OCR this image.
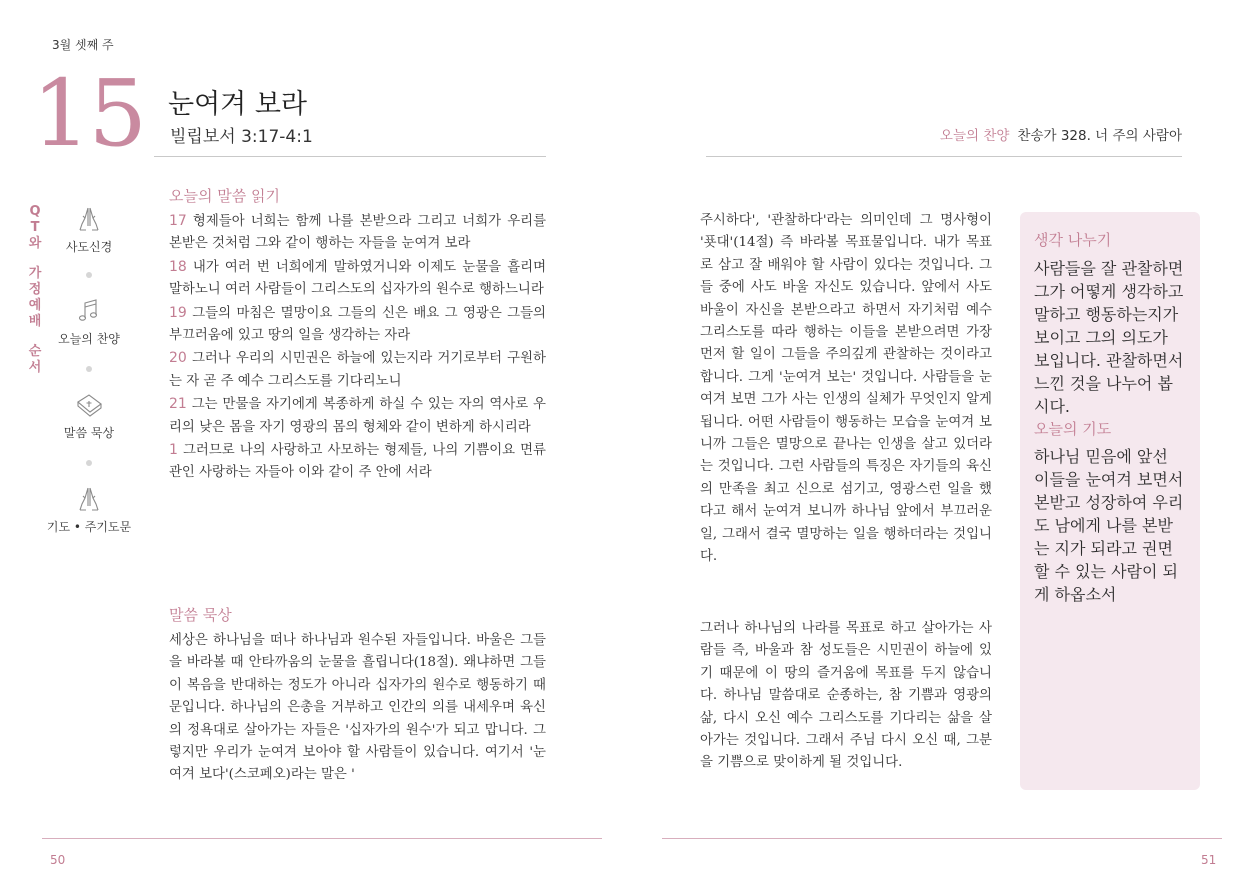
3월 셋째 주
15 눈여겨 보라
빌립보서 3:17-4:1	오늘의 찬양 찬송가 328. 너 주의 사람아
Q
T
와
가
정
예
배
순
서
사도신경
오늘의 찬양
말씀 묵상
기도 • 주기도문
오늘의 말씀 읽기

17 형제들아 너희는 함께 나를 본받으라 그리고 너희가 우리를 본받은 것처럼 그와 같이 행하는 자들을 눈여겨 보라

18 내가 여러 번 너희에게 말하였거니와 이제도 눈물을 흘리며 말하노니 여러 사람들이 그리스도의 십자가의 원수로 행하느니라

19 그들의 마침은 멸망이요 그들의 신은 배요 그 영광은 그들의 부끄러움에 있고 땅의 일을 생각하는 자라

20 그러나 우리의 시민권은 하늘에 있는지라 거기로부터 구원하는 자 곧 주 예수 그리스도를 기다리노니

21 그는 만물을 자기에게 복종하게 하실 수 있는 자의 역사로 우리의 낮은 몸을 자기 영광의 몸의 형체와 같이 변하게 하시리라

1 그러므로 나의 사랑하고 사모하는 형제들, 나의 기쁨이요 면류관인 사랑하는 자들아 이와 같이 주 안에 서라

말씀 묵상
세상은 하나님을 떠나 하나님과 원수된 자들입니다. 바울은 그들을 바라볼 때 안타까움의 눈물을 흘립니다(18절). 왜냐하면 그들이 복음을 반대하는 정도가 아니라 십자가의 원수로 행동하기 때문입니다. 하나님의 은총을 거부하고 인간의 의를 내세우며 육신의 정욕대로 살아가는 자들은 '십자가의 원수'가 되고 맙니다. 그렇지만 우리가 눈여겨 보아야 할 사람들이 있습니다. 여기서 '눈여겨 보다'(스코페오)라는 말은 '
주시하다', '관찰하다'라는 의미인데 그 명사형이 '푯대'(14절) 즉 바라볼 목표물입니다. 내가 목표로 삼고 잘 배워야 할 사람이 있다는 것입니다. 그들 중에 사도 바울 자신도 있습니다. 앞에서 사도 바울이 자신을 본받으라고 하면서 자기처럼 예수 그리스도를 따라 행하는 이들을 본받으려면 가장 먼저 할 일이 그들을 주의깊게 관찰하는 것이라고 합니다. 그게 '눈여겨 보는' 것입니다. 사람들을 눈여겨 보면 그가 사는 인생의 실체가 무엇인지 알게 됩니다. 어떤 사람들이 행동하는 모습을 눈여겨 보니까 그들은 멸망으로 끝나는 인생을 살고 있더라는 것입니다. 그런 사람들의 특징은 자기들의 육신의 만족을 최고 신으로 섬기고, 영광스런 일을 했다고 해서 눈여겨 보니까 하나님 앞에서 부끄러운 일, 그래서 결국 멸망하는 일을 행하더라는 것입니다.
그러나 하나님의 나라를 목표로 하고 살아가는 사람들 즉, 바울과 참 성도들은 시민권이 하늘에 있기 때문에 이 땅의 즐거움에 목표를 두지 않습니다. 하나님 말씀대로 순종하는, 참 기쁨과 영광의 삶, 다시 오신 예수 그리스도를 기다리는 삶을 살아가는 것입니다. 그래서 주님 다시 오신 때, 그분을 기쁨으로 맞이하게 될 것입니다.
생각 나누기
사람들을 잘 관찰하면 그가 어떻게 생각하고 말하고 행동하는지가 보이고 그의 의도가 보입니다. 관찰하면서 느낀 것을 나누어 봅시다.
오늘의 기도
하나님 믿음에 앞선 이들을 눈여겨 보면서 본받고 성장하여 우리도 남에게 나를 본받는 지가 되라고 권면할 수 있는 사람이 되게 하옵소서
50	51
